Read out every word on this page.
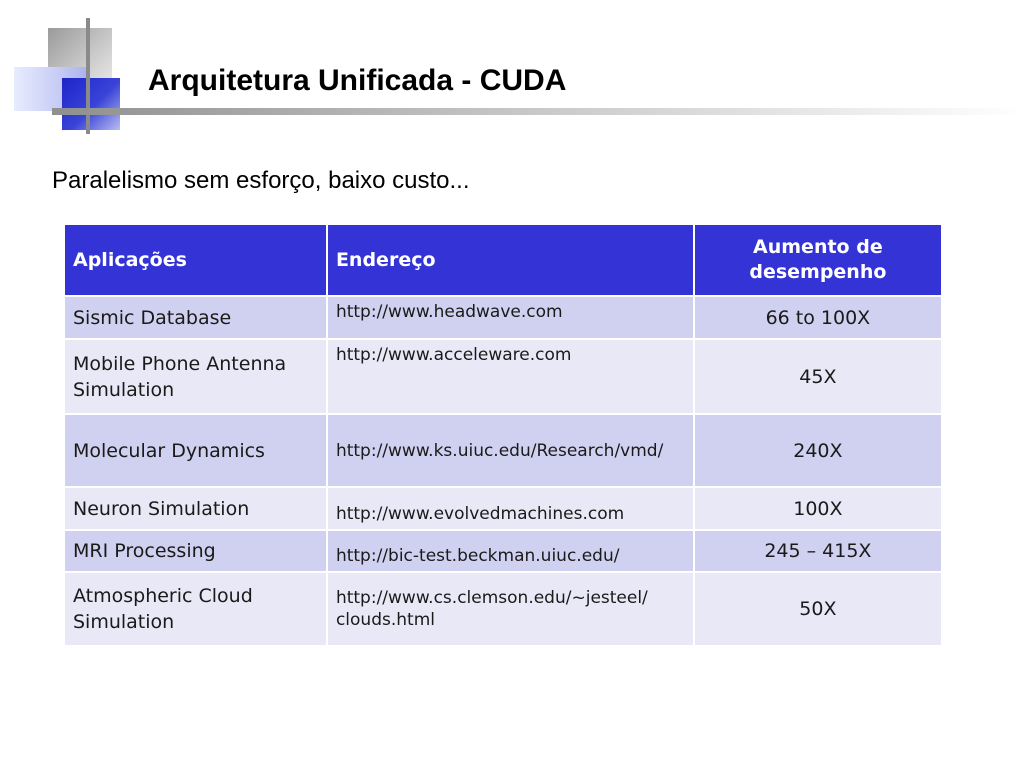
Arquitetura Unificada - CUDA
Paralelismo sem esforço, baixo custo...
Aplicações	Endereço	Aumento de desempenho
Sismic Database	http://www.headwave.com	66 to 100X
Mobile Phone Antenna Simulation	http://www.acceleware.com	45X
Molecular Dynamics	http://www.ks.uiuc.edu/Research/vmd/	240X
Neuron Simulation	http://www.evolvedmachines.com	100X
MRI Processing	http://bic-test.beckman.uiuc.edu/	245 – 415X
Atmospheric Cloud Simulation	http://www.cs.clemson.edu/~jesteel/ clouds.html	50X
